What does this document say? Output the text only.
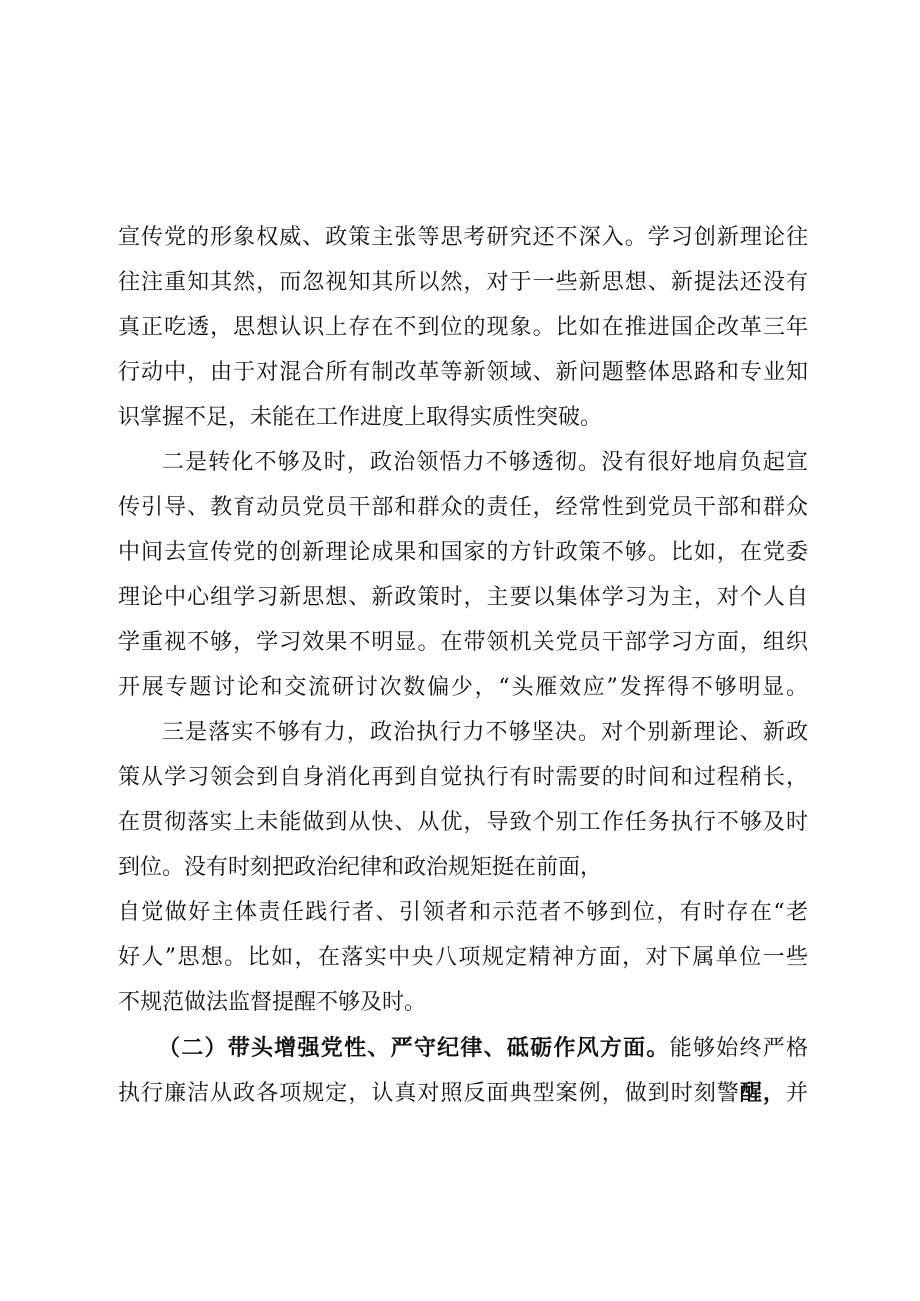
宣传党的形象权威、政策主张等思考研究还不深入。学习创新理论往
往注重知其然，而忽视知其所以然，对于一些新思想、新提法还没有
真正吃透，思想认识上存在不到位的现象。比如在推进国企改革三年
行动中，由于对混合所有制改革等新领域、新问题整体思路和专业知
识掌握不足，未能在工作进度上取得实质性突破。
二是转化不够及时，政治领悟力不够透彻。没有很好地肩负起宣
传引导、教育动员党员干部和群众的责任，经常性到党员干部和群众
中间去宣传党的创新理论成果和国家的方针政策不够。比如，在党委
理论中心组学习新思想、新政策时，主要以集体学习为主，对个人自
学重视不够，学习效果不明显。在带领机关党员干部学习方面，组织
开展专题讨论和交流研讨次数偏少，“头雁效应”发挥得不够明显。
三是落实不够有力，政治执行力不够坚决。对个别新理论、新政
策从学习领会到自身消化再到自觉执行有时需要的时间和过程稍长，
在贯彻落实上未能做到从快、从优，导致个别工作任务执行不够及时
到位。没有时刻把政治纪律和政治规矩挺在前面，
自觉做好主体责任践行者、引领者和示范者不够到位，有时存在“老
好人”思想。比如，在落实中央八项规定精神方面，对下属单位一些
不规范做法监督提醒不够及时。
（二）带头增强党性、严守纪律、砥砺作风方面。能够始终严格
执行廉洁从政各项规定，认真对照反面典型案例，做到时刻警醒，并
